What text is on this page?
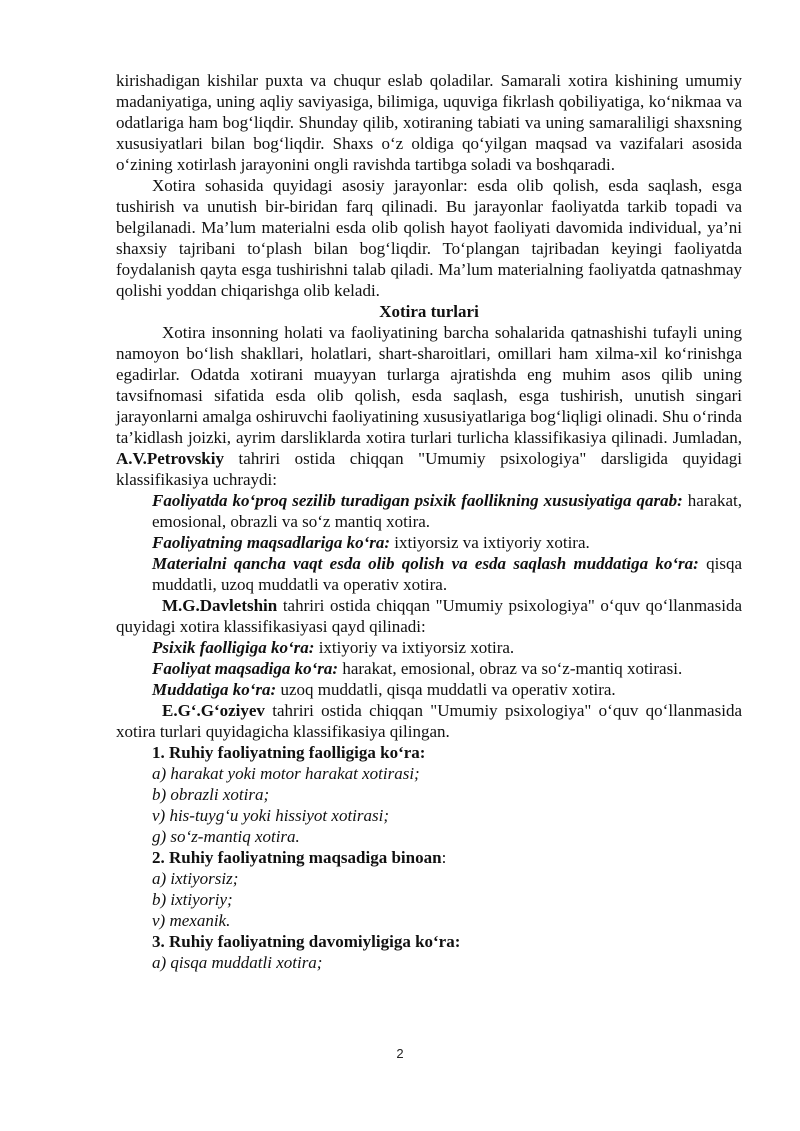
kirishadigan kishilar puxta va chuqur eslab qoladilar. Samarali xotira kishining umumiy madaniyatiga, uning aqliy saviyasiga, bilimiga, uquviga fikrlash qobiliyatiga, ko‘nikmaa va odatlariga ham bog‘liqdir. Shunday qilib, xotiraning tabiati va uning samaraliligi shaxsning xususiyatlari bilan bog‘liqdir. Shaxs o‘z oldiga qo‘yilgan maqsad va vazifalari asosida o‘zining xotirlash jarayonini ongli ravishda tartibga soladi va boshqaradi.

Xotira sohasida quyidagi asosiy jarayonlar: esda olib qolish, esda saqlash, esga tushirish va unutish bir-biridan farq qilinadi. Bu jarayonlar faoliyatda tarkib topadi va belgilanadi. Ma’lum materialni esda olib qolish hayot faoliyati davomida individual, ya’ni shaxsiy tajribani to‘plash bilan bog‘liqdir. To‘plangan tajribadan keyingi faoliyatda foydalanish qayta esga tushirishni talab qiladi. Ma’lum materialning faoliyatda qatnashmay qolishi yoddan chiqarishga olib keladi.

Xotira turlari

Xotira insonning holati va faoliyatining barcha sohalarida qatnashishi tufayli uning namoyon bo‘lish shakllari, holatlari, shart-sharoitlari, omillari ham xilma-xil ko‘rinishga egadirlar. Odatda xotirani muayyan turlarga ajratishda eng muhim asos qilib uning tavsifnomasi sifatida esda olib qolish, esda saqlash, esga tushirish, unutish singari jarayonlarni amalga oshiruvchi faoliyatining xususiyatlariga bog‘liqligi olinadi. Shu o‘rinda ta’kidlash joizki, ayrim darsliklarda xotira turlari turlicha klassifikasiya qilinadi. Jumladan, A.V.Petrovskiy tahriri ostida chiqqan "Umumiy psixologiya" darsligida quyidagi klassifikasiya uchraydi:

Faoliyatda ko‘proq sezilib turadigan psixik faollikning xususiyatiga qarab: harakat, emosional, obrazli va so‘z mantiq xotira.

Faoliyatning maqsadlariga ko‘ra: ixtiyorsiz va ixtiyoriy xotira.

Materialni qancha vaqt esda olib qolish va esda saqlash muddatiga ko‘ra: qisqa muddatli, uzoq muddatli va operativ xotira.

M.G.Davletshin tahriri ostida chiqqan "Umumiy psixologiya" o‘quv qo‘llanmasida quyidagi xotira klassifikasiyasi qayd qilinadi:

Psixik faolligiga ko‘ra: ixtiyoriy va ixtiyorsiz xotira.

Faoliyat maqsadiga ko‘ra: harakat, emosional, obraz va so‘z-mantiq xotirasi.

Muddatiga ko‘ra: uzoq muddatli, qisqa muddatli va operativ xotira.

E.G‘.G‘oziyev tahriri ostida chiqqan "Umumiy psixologiya" o‘quv qo‘llanmasida xotira turlari quyidagicha klassifikasiya qilingan.

1. Ruhiy faoliyatning faolligiga ko‘ra:

a) harakat yoki motor harakat xotirasi;

b) obrazli xotira;

v) his-tuyg‘u yoki hissiyot xotirasi;

g) so‘z-mantiq xotira.

2. Ruhiy faoliyatning maqsadiga binoan:

a) ixtiyorsiz;

b) ixtiyoriy;

v) mexanik.

3. Ruhiy faoliyatning davomiyligiga ko‘ra:

a) qisqa muddatli xotira;

2
